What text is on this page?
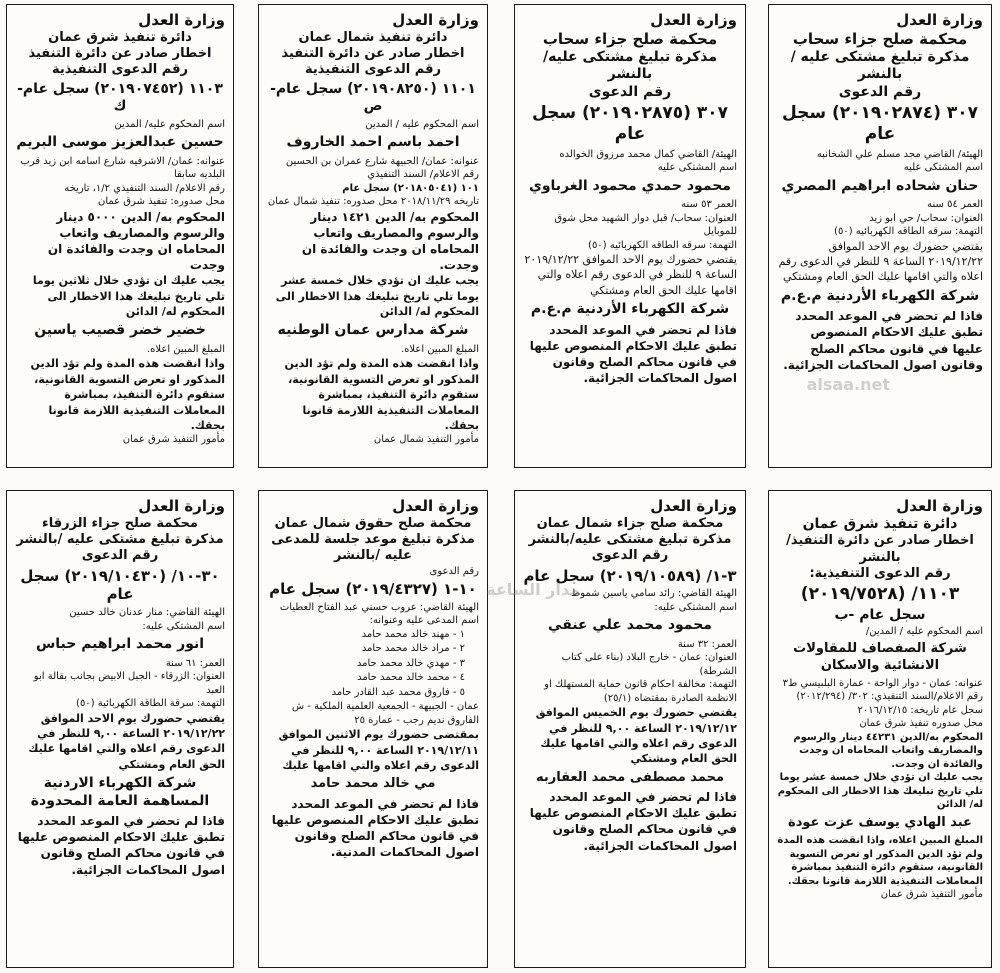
وزارة العدل
محكمة صلح جزاء سحاب
مذكرة تبليغ مشتكى عليه / بالنشر
رقم الدعوى
٣٠٧ (٢٠١٩٠٢٨٧٤) سجل عام
الهيئة/ القاضي مجد مسلم علي الشخانبه
اسم المشتكى عليه
حنان شحاده ابراهيم المصري
العمر ٥٤ سنه
العنوان: سحاب/ حي ابو زيد
التهمة: سرقه الطاقه الكهربائيه (٥٠)
يقتضي حضورك يوم الاحد الموافق ٢٠١٩/١٢/٢٢ الساعة ٩ للنظر في الدعوى رقم اعلاه والتي اقامها عليك الحق العام ومشتكي
شركة الكهرباء الأردنية م.ع.م
فاذا لم تحضر في الموعد المحدد تطبق عليك الاحكام المنصوص عليها في قانون محاكم الصلح وقانون اصول المحاكمات الجزائية.
وزارة العدل
محكمة صلح جزاء سحاب
مذكرة تبليغ مشتكى عليه/ بالنشر
رقم الدعوى
٣٠٧ (٢٠١٩٠٢٨٧٥) سجل عام
الهيئة/ القاضي كمال محمد مرزوق الخوالده
اسم المشتكى عليه
محمود حمدي محمود الغرباوي
العمر ٥٣ سنه
العنوان: سحاب/ قبل دوار الشهيد محل شوق للموبايل
التهمة: سرقه الطاقه الكهربائيه (٥٠)
يقتضي حضورك يوم الاحد الموافق ٢٠١٩/١٢/٢٢ الساعة ٩ للنظر في الدعوى رقم اعلاه والتي اقامها عليك الحق العام ومشتكي
شركة الكهرباء الأردنية م.ع.م
فاذا لم تحضر في الموعد المحدد تطبق عليك الاحكام المنصوص عليها في قانون محاكم الصلح وقانون اصول المحاكمات الجزائية.
وزارة العدل
دائرة تنفيذ شمال عمان
اخطار صادر عن دائرة التنفيذ
رقم الدعوى التنفيذية
١١٠١ (٢٠١٩٠٨٢٥٠) سجل عام-ص
اسم المحكوم عليه / المدين
احمد باسم احمد الخاروف
عنوانه: عمان/ الجبيهة شارع عمران بن الحسين
رقم الاعلام/ السند التنفيذي
١٠١ (٢٠١٨٠٥٠٤١) سجل عام
تاريخه ٢٠١٨/١١/٢٩ محل صدوره: تنفيذ شمال عمان
المحكوم به/ الدين ١٤٢١ دينار والرسوم والمصاريف واتعاب المحاماه ان وجدت والفائدة ان وجدت.
يجب عليك ان تؤدي خلال خمسة عشر يوما تلي تاريخ تبليغك هذا الاخطار الى المحكوم له/ الدائن
شركة مدارس عمان الوطنيه
المبلغ المبين اعلاه.
واذا انقضت هذه المدة ولم تؤد الدين المذكور او تعرض التسوية القانونية، ستقوم دائرة التنفيذ، بمباشرة المعاملات التنفيذية اللازمة قانونا بحقك.
مأمور التنفيذ شمال عمان
وزارة العدل
دائرة تنفيذ شرق عمان
اخطار صادر عن دائرة التنفيذ
رقم الدعوى التنفيذية
١١٠٣ (٢٠١٩٠٧٤٥٢) سجل عام-ك
اسم المحكوم عليه/ المدين
حسين عبدالعزيز موسى البريم
عنوانه: عمان/ الاشرفيه شارع اسامه ابن زيد قرب البلديه سابقا
رقم الاعلام/ السند التنفيذي ١/٢، تاريخه
محل صدوره: تنفيذ شرق عمان
المحكوم به/ الدين ٥٠٠٠ دينار والرسوم والمصاريف واتعاب المحاماه ان وجدت والفائدة ان وجدت
يجب عليك ان تؤدي خلال ثلاثين يوما تلي تاريخ تبليغك هذا الاخطار الى المحكوم له/ الدائن
خضير خضر قصيب ياسين
المبلغ المبين اعلاه.
واذا انقضت هذه المدة ولم تؤد الدين المذكور او تعرض التسوية القانونية، ستقوم دائرة التنفيذ، بمباشرة المعاملات التنفيذية اللازمة قانونا بحقك.
مأمور التنفيذ شرق عمان
وزارة العدل
دائرة تنفيذ شرق عمان
اخطار صادر عن دائرة التنفيذ/بالنشر
رقم الدعوى التنفيذية:
١١٠٣/ (٢٠١٩/٧٥٢٨)
سجل عام -ب
اسم المحكوم عليه / المدين/
شركة الصفصاف للمقاولات الانشائية والاسكان
عنوانه: عمان - دوار الواحة - عمارة البلبيسي ط٣
رقم الاعلام/السند التنفيذي: ٣٠٢/ (٢٠١٢/٢٩٤) سجل عام تاريخه: ٢٠١٦/١٢/١٥
محل صدوره تنفيذ شرق عمان
المحكوم به/الدين ٤٤٢٣١ دينار والرسوم والمصاريف واتعاب المحاماه ان وجدت والفائدة ان وجدت.
يجب عليك ان تؤدي خلال خمسة عشر يوما تلي تاريخ تبليغك هذا الاخطار الى المحكوم له/ الدائن
عبد الهادي يوسف عزت عودة
المبلغ المبين اعلاه، واذا انقضت هذه المدة ولم تؤد الدين المذكور او تعرض التسوية القانونية، ستقوم دائرة التنفيذ بمباشرة المعاملات التنفيذية اللازمة قانونا بحقك.
مأمور التنفيذ شرق عمان
وزارة العدل
محكمة صلح جزاء شمال عمان
مذكرة تبليغ مشتكى عليه/بالنشر
رقم الدعوى
٣-١/ (٢٠١٩/١٠٥٨٩) سجل عام
الهيئة القاضي: رائد سامي ياسين شموط
اسم المشتكى عليه:
محمود محمد علي عنقي
العمر: ٣٢ سنة
العنوان: عمان - خارج البلاد (بناء على كتاب الشرطة)
التهمة: مخالفة احكام قانون حماية المستهلك او الانظمة الصادرة بمقتضاه (٢٥/١)
يقتضي حضورك يوم الخميس الموافق ٢٠١٩/١٢/١٢ الساعة ٩,٠٠ للنظر في الدعوى رقم اعلاه والتي اقامها عليك الحق العام ومشتكي
محمد مصطفى محمد العقاربه
فاذا لم تحضر في الموعد المحدد تطبق عليك الاحكام المنصوص عليها في قانون محاكم الصلح وقانون اصول المحاكمات الجزائية.
وزارة العدل
محكمة صلح حقوق شمال عمان
مذكرة تبليغ موعد جلسة للمدعى عليه /بالنشر
رقم الدعوى
١٠-١ (٢٠١٩/٤٣٢٧) سجل عام
الهيئة القاضي: عروب حسني عبد الفتاح العطيات
اسم المدعى عليه وعنوانه:
١ - مهند خالد محمد حامد
٢ - مراد خالد محمد حامد
٣ - مهدي خالد محمد حامد
٤ - محمد خالد محمد حامد
٥ - فاروق محمد عبد القادر حامد
عمان - الجبيهة - الجمعية العلمية الملكية - ش الفاروق نديم رجب - عمارة ٢٥
بمقتضى حضورك يوم الاثنين الموافق ٢٠١٩/١٢/١١ الساعة ٩,٠٠ للنظر في الدعوى رقم اعلاه والتي اقامها عليك
مي خالد محمد حامد
فاذا لم تحضر في الموعد المحدد تطبق عليك الاحكام المنصوص عليها في قانون محاكم الصلح وقانون اصول المحاكمات المدنية.
وزارة العدل
محكمة صلح جزاء الزرقاء
مذكرة تبليغ مشتكى عليه /بالنشر
رقم الدعوى
٣٠-١٠/ (٢٠١٩/١٠٤٣٠) سجل عام
الهيئة القاضي: منار عدنان خالد حسين
اسم المشتكى عليه:
انور محمد ابراهيم حباس
العمر: ٦١ سنة
العنوان: الزرقاء - الجبل الابيض بجانب بقالة ابو العبد
التهمة: سرقة الطاقة الكهربائية (٥٠)
يقتضي حضورك يوم الاحد الموافق ٢٠١٩/١٢/٢٢ الساعة ٩,٠٠ للنظر في الدعوى رقم اعلاه والتي اقامها عليك الحق العام ومشتكي
شركة الكهرباء الاردنية المساهمة العامة المحدودة
فاذا لم تحضر في الموعد المحدد تطبق عليك الاحكام المنصوص عليها في قانون محاكم الصلح وقانون اصول المحاكمات الجزائية.
alsaa.net
مدار الساعة
